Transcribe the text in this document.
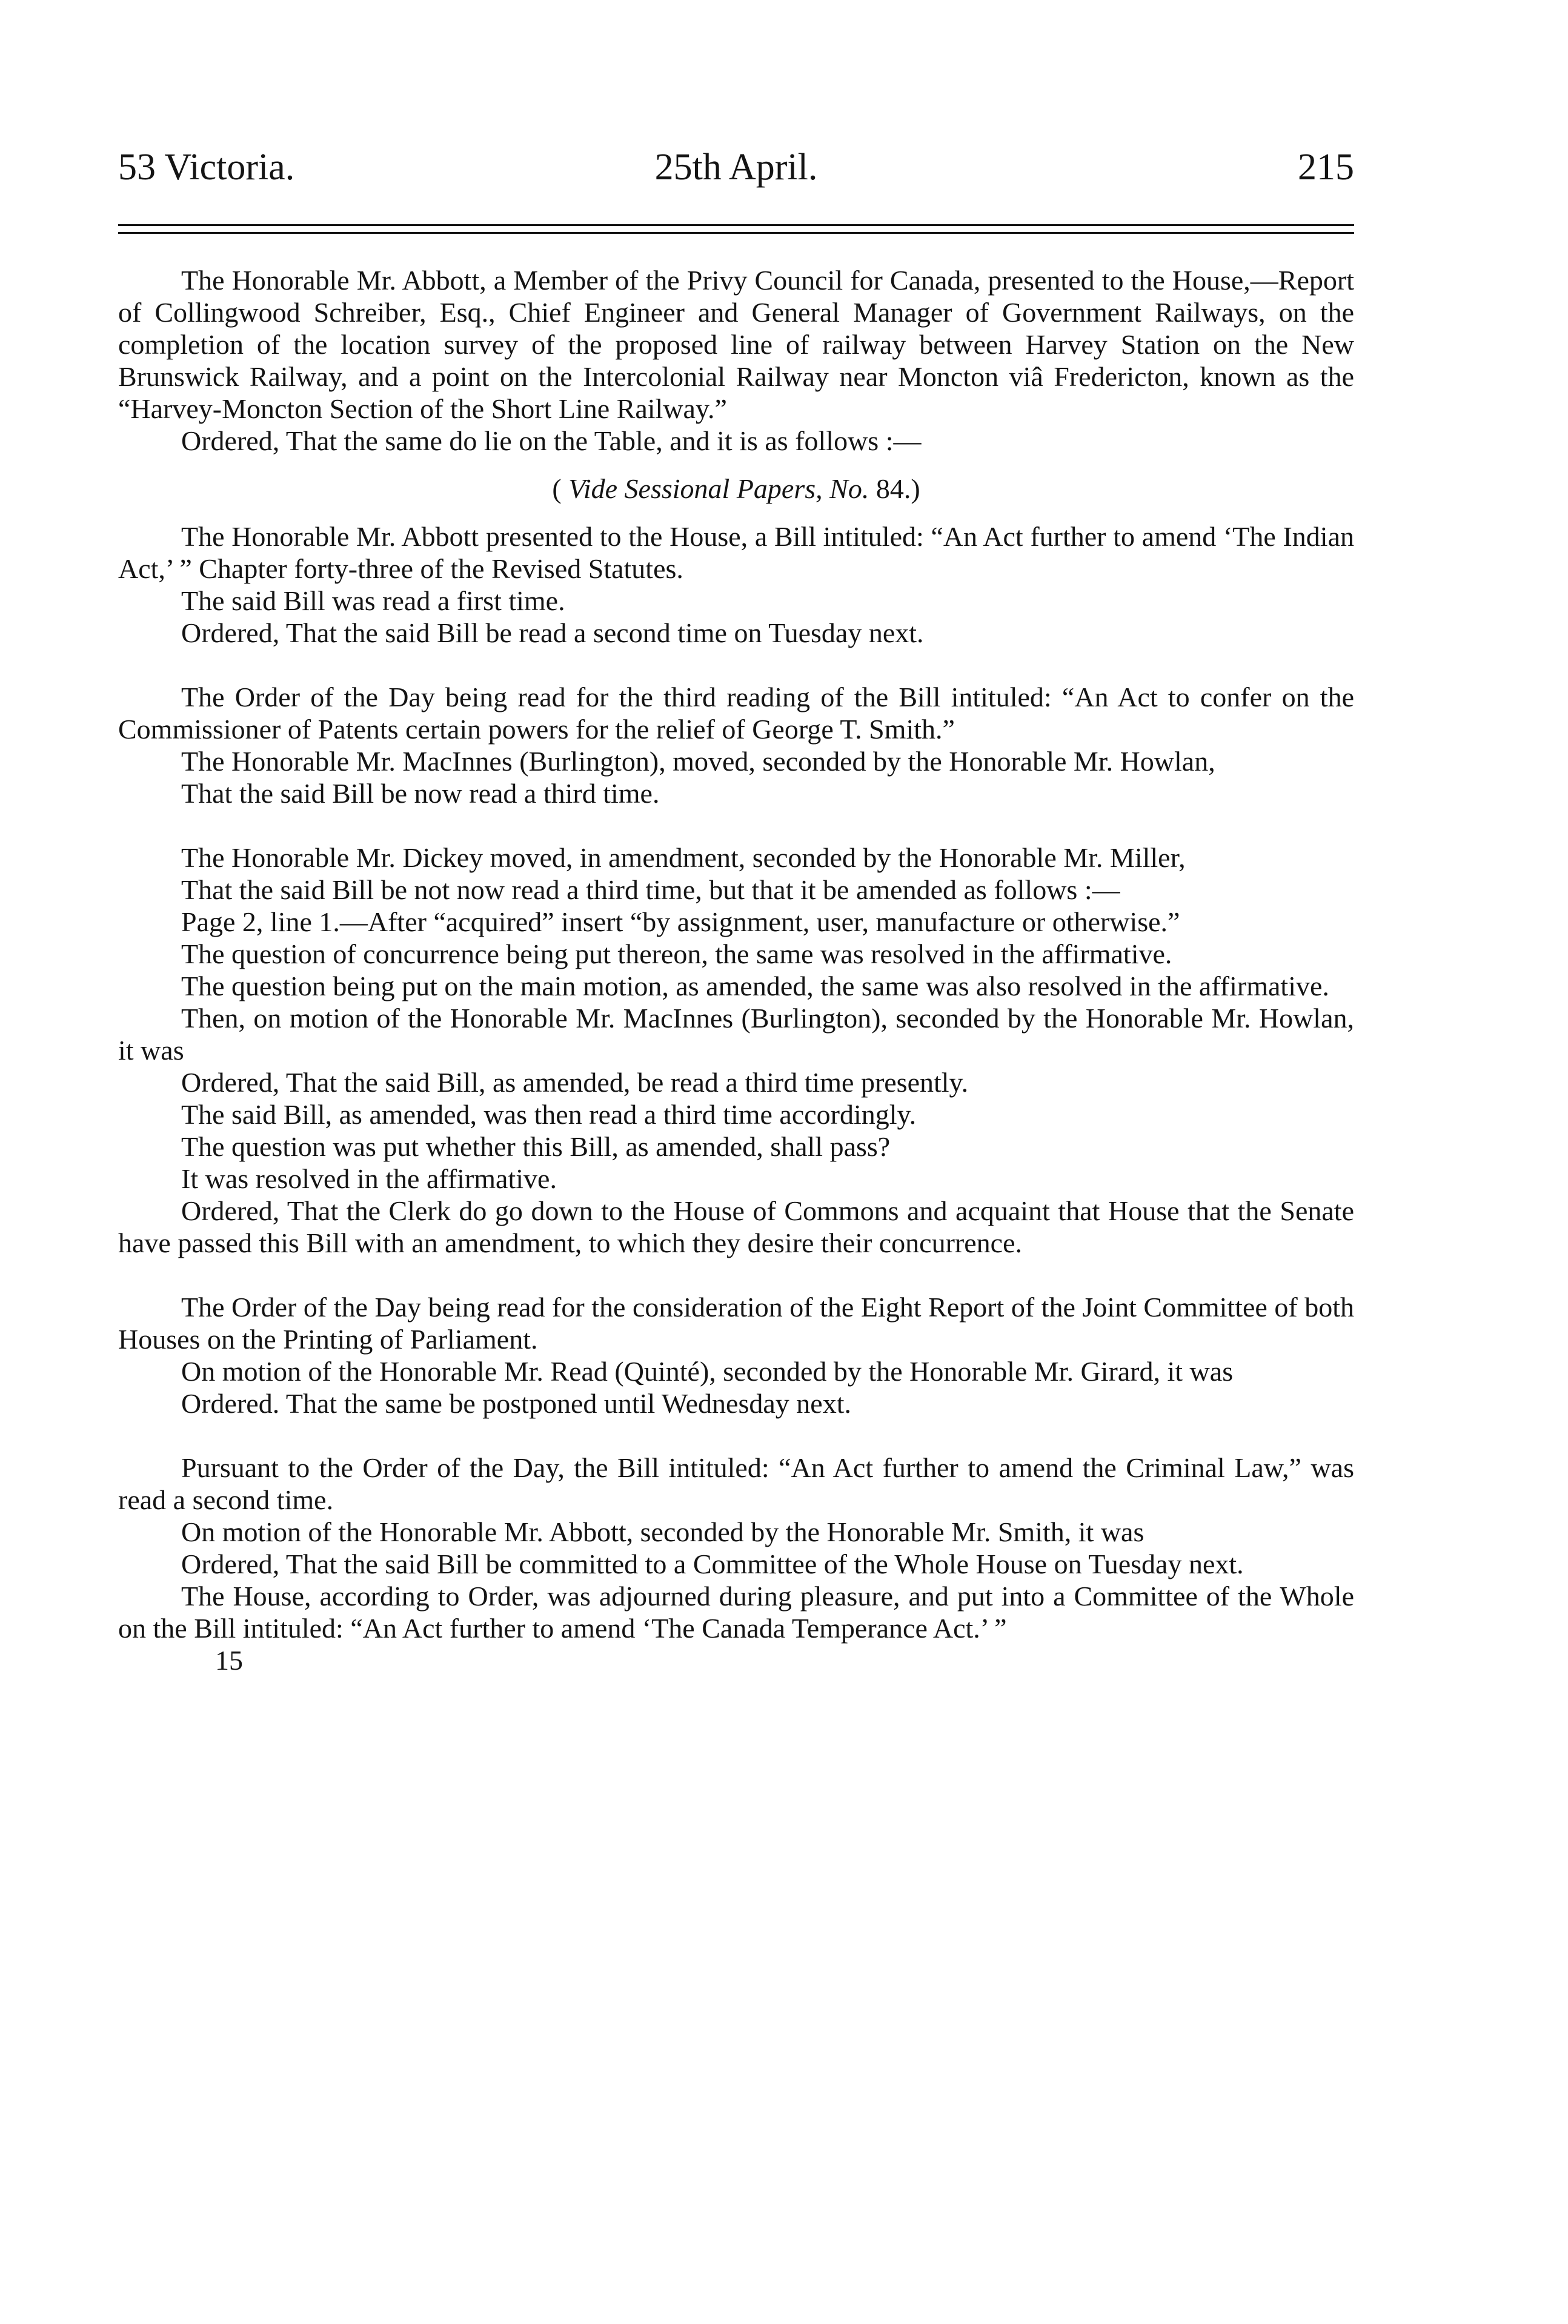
53 Victoria.	25th April.	215

The Honorable Mr. Abbott, a Member of the Privy Council for Canada, presented to the House,—Report of Collingwood Schreiber, Esq., Chief Engineer and General Manager of Government Railways, on the completion of the location survey of the proposed line of railway between Harvey Station on the New Brunswick Railway, and a point on the Intercolonial Railway near Moncton viâ Fredericton, known as the “Harvey-Moncton Section of the Short Line Railway.”

Ordered, That the same do lie on the Table, and it is as follows :—

( Vide Sessional Papers, No. 84.)

The Honorable Mr. Abbott presented to the House, a Bill intituled: “An Act further to amend ‘The Indian Act,’ ” Chapter forty-three of the Revised Statutes.

The said Bill was read a first time.

Ordered, That the said Bill be read a second time on Tuesday next.

The Order of the Day being read for the third reading of the Bill intituled: “An Act to confer on the Commissioner of Patents certain powers for the relief of George T. Smith.”

The Honorable Mr. MacInnes (Burlington), moved, seconded by the Honorable Mr. Howlan,

That the said Bill be now read a third time.

The Honorable Mr. Dickey moved, in amendment, seconded by the Honorable Mr. Miller,

That the said Bill be not now read a third time, but that it be amended as follows :—

Page 2, line 1.—After “acquired” insert “by assignment, user, manufacture or otherwise.”

The question of concurrence being put thereon, the same was resolved in the affirmative.

The question being put on the main motion, as amended, the same was also resolved in the affirmative.

Then, on motion of the Honorable Mr. MacInnes (Burlington), seconded by the Honorable Mr. Howlan, it was

Ordered, That the said Bill, as amended, be read a third time presently.

The said Bill, as amended, was then read a third time accordingly.

The question was put whether this Bill, as amended, shall pass?

It was resolved in the affirmative.

Ordered, That the Clerk do go down to the House of Commons and acquaint that House that the Senate have passed this Bill with an amendment, to which they desire their concurrence.

The Order of the Day being read for the consideration of the Eight Report of the Joint Committee of both Houses on the Printing of Parliament.

On motion of the Honorable Mr. Read (Quinté), seconded by the Honorable Mr. Girard, it was

Ordered. That the same be postponed until Wednesday next.

Pursuant to the Order of the Day, the Bill intituled: “An Act further to amend the Criminal Law,” was read a second time.

On motion of the Honorable Mr. Abbott, seconded by the Honorable Mr. Smith, it was

Ordered, That the said Bill be committed to a Committee of the Whole House on Tuesday next.

The House, according to Order, was adjourned during pleasure, and put into a Committee of the Whole on the Bill intituled: “An Act further to amend ‘The Canada Temperance Act.’ ”

15
